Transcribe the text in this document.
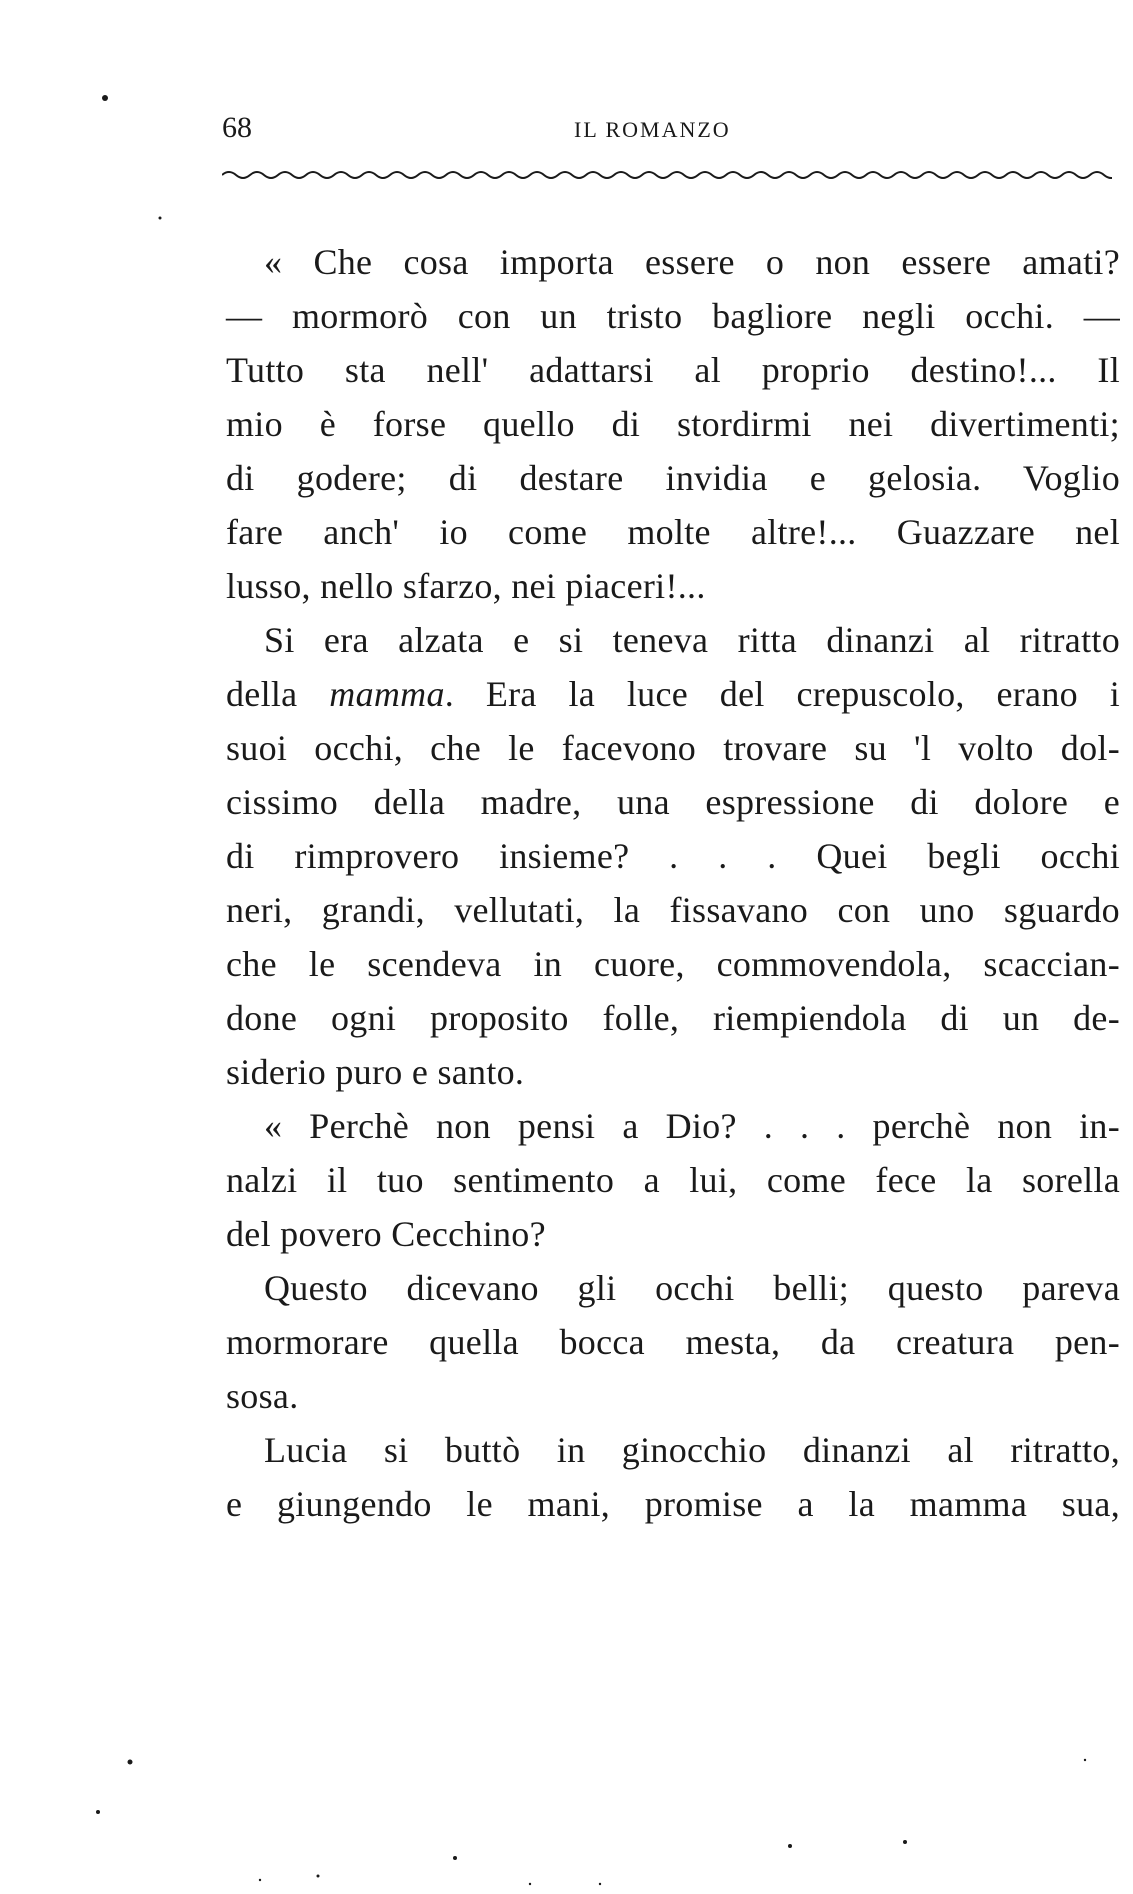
68	IL ROMANZO
« Che cosa importa essere o non essere amati?
— mormorò con un tristo bagliore negli occhi. —
Tutto sta nell' adattarsi al proprio destino!... Il
mio è forse quello di stordirmi nei divertimenti;
di godere; di destare invidia e gelosia. Voglio
fare anch' io come molte altre!... Guazzare nel
lusso, nello sfarzo, nei piaceri!...
Si era alzata e si teneva ritta dinanzi al ritratto
della mamma. Era la luce del crepuscolo, erano i
suoi occhi, che le facevono trovare su 'l volto dol-
cissimo della madre, una espressione di dolore e
di rimprovero insieme? . . . Quei begli occhi
neri, grandi, vellutati, la fissavano con uno sguardo
che le scendeva in cuore, commovendola, scaccian-
done ogni proposito folle, riempiendola di un de-
siderio puro e santo.
« Perchè non pensi a Dio? . . . perchè non in-
nalzi il tuo sentimento a lui, come fece la sorella
del povero Cecchino?
Questo dicevano gli occhi belli; questo pareva
mormorare quella bocca mesta, da creatura pen-
sosa.
Lucia si buttò in ginocchio dinanzi al ritratto,
e giungendo le mani, promise a la mamma sua,
